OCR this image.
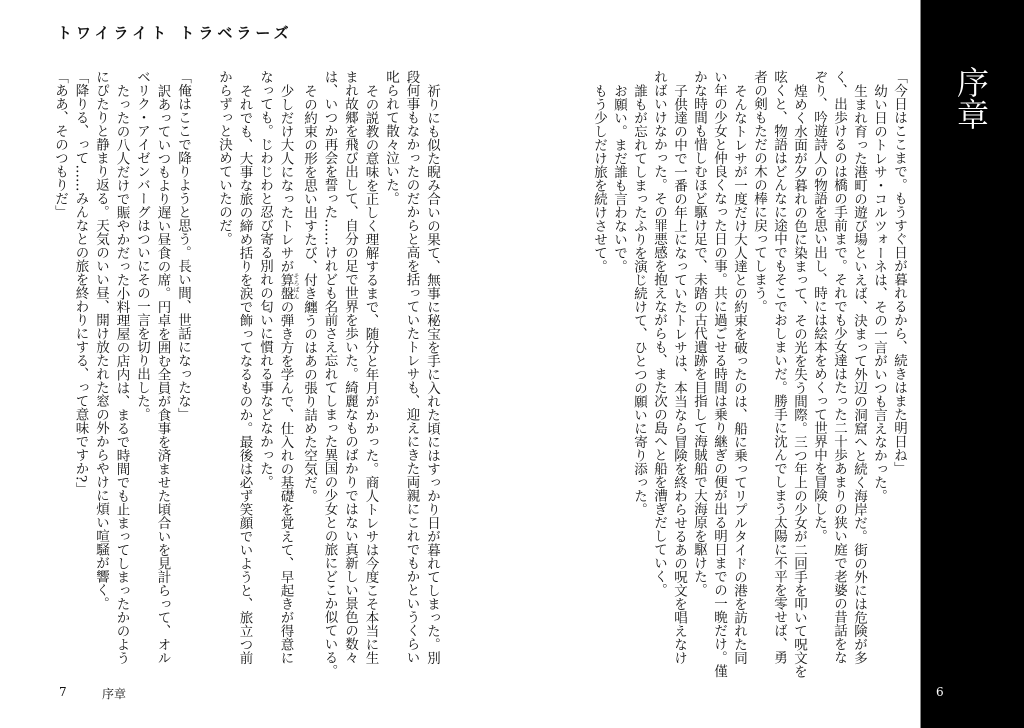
トワイライト トラベラーズ
祈りにも似た睨み合いの果て、無事に秘宝を手に入れた頃にはすっかり日が暮れてしまった。別
段何事もなかったのだからと高を括っていたトレサも、迎えにきた両親にこれでもかというくらい
叱られて散々泣いた。
その説教の意味を正しく理解するまで、随分と年月がかかった。商人トレサは今度こそ本当に生
まれ故郷を飛び出して、自分の足で世界を歩いた。綺麗なものばかりではない真新しい景色の数々
は、いつか再会を誓った……けれども名前さえ忘れてしまった異国の少女との旅にどこか似ている。
その約束の形を思い出すたび、付き纏うのはあの張り詰めた空気だ。
少しだけ大人になったトレサが算盤そろばんの弾き方を学んで、仕入れの基礎を覚えて、早起きが得意に
なっても。じわじわと忍び寄る別れの匂いに慣れる事などなかった。
それでも、大事な旅の締め括りを涙で飾ってなるものか。最後は必ず笑顔でいようと、旅立つ前
からずっと決めていたのだ。

「俺はここで降りようと思う。長い間、世話になったな」
訳あっていつもより遅い昼食の席。円卓を囲む全員が食事を済ませた頃合いを見計らって、オル
ベリク・アイゼンバーグはついにその一言を切り出した。
たったの八人だけで賑やかだった小料理屋の店内は、まるで時間でも止まってしまったかのよう
にぴたりと静まり返る。天気のいい昼、開け放たれた窓の外からやけに煩い喧騒が響く。
「降りる、って……みんなとの旅を終わりにする、って意味ですか?」
「ああ、そのつもりだ」	「今日はここまで。もうすぐ日が暮れるから、続きはまた明日ね」
幼い日のトレサ・コルツォーネは、その一言がいつも言えなかった。
生まれ育った港町の遊び場といえば、決まって外辺の洞窟へと続く海岸だ。街の外には危険が多
く、出歩けるのは橋の手前まで。それでも少女達はたった二十歩あまりの狭い庭で老婆の昔話をな
ぞり、吟遊詩人の物語を思い出し、時には絵本をめくって世界中を冒険した。
煌めく水面が夕暮れの色に染まって、その光を失う間際。三つ年上の少女が二回手を叩いて呪文を
呟くと、物語はどんなに途中でもそこでおしまいだ。勝手に沈んでしまう太陽に不平を零せば、勇
者の剣もただの木の棒に戻ってしまう。
そんなトレサが一度だけ大人達との約束を破ったのは、船に乗ってリプルタイドの港を訪れた同
い年の少女と仲良くなった日の事。共に過ごせる時間は乗り継ぎの便が出る明日までの一晩だけ。僅
かな時間も惜しむほど駆け足で、未踏の古代遺跡を目指して海賊船で大海原を駆けた。
子供達の中で一番の年上になっていたトレサは、本当なら冒険を終わらせるあの呪文を唱えなけ
ればいけなかった。その罪悪感を抱えながらも、また次の島へと船を漕ぎだしていく。
誰もが忘れてしまったふりを演じ続けて、ひとつの願いに寄り添った。
お願い。まだ誰も言わないで。
もう少しだけ旅を続けさせて。
7	序章
序章
6
